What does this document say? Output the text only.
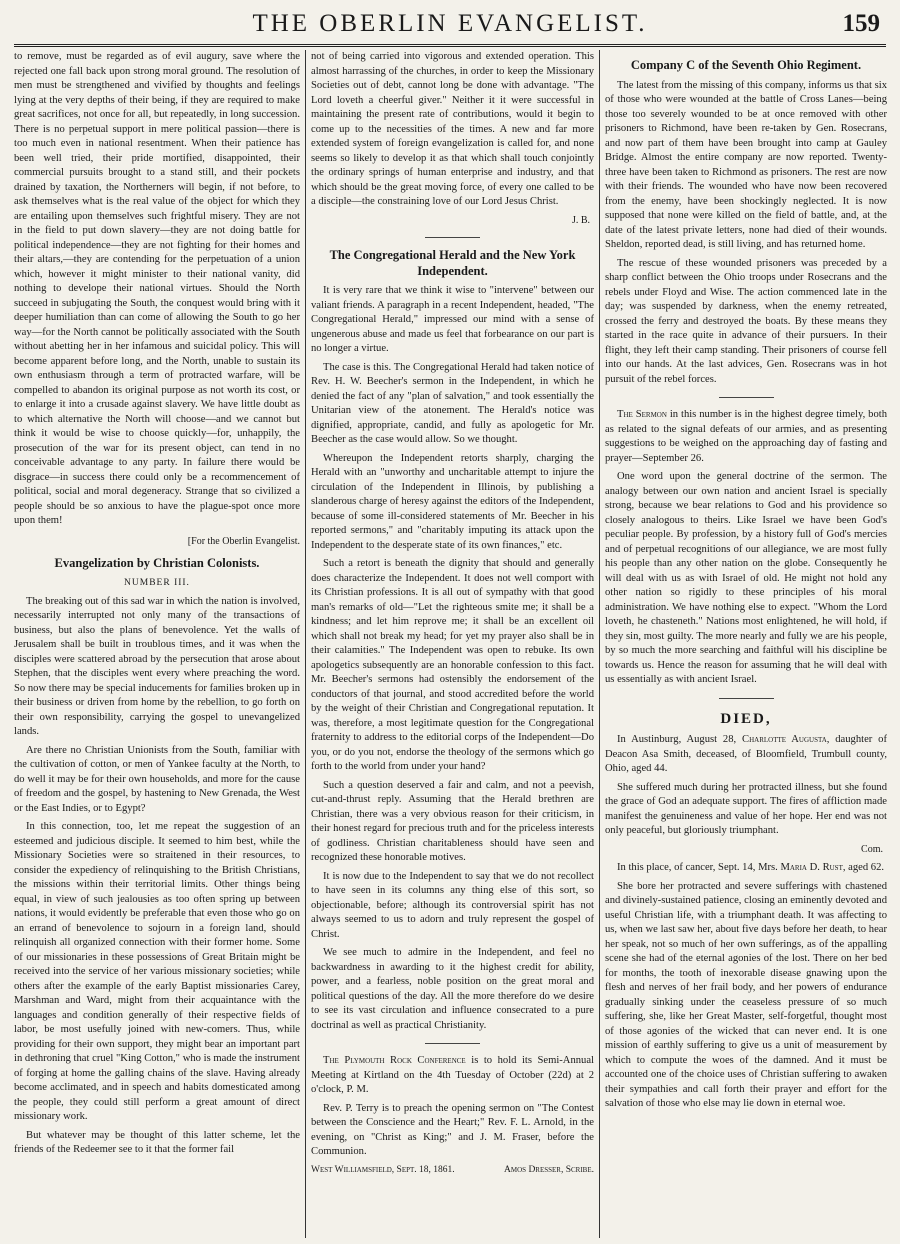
THE OBERLIN EVANGELIST.	159

to remove, must be regarded as of evil augury, save where the rejected one fall back upon strong moral ground. The resolution of men must be strengthened and vivified by thoughts and feelings lying at the very depths of their being, if they are required to make great sacrifices, not once for all, but repeatedly, in long succession. There is no perpetual support in mere political passion—there is too much even in national resentment. When their patience has been well tried, their pride mortified, disappointed, their commercial pursuits brought to a stand still, and their pockets drained by taxation, the Northerners will begin, if not before, to ask themselves what is the real value of the object for which they are entailing upon themselves such frightful misery. They are not in the field to put down slavery—they are not doing battle for political independence—they are not fighting for their homes and their altars,—they are contending for the perpetuation of a union which, however it might minister to their national vanity, did nothing to develope their national virtues. Should the North succeed in subjugating the South, the conquest would bring with it deeper humiliation than can come of allowing the South to go her way—for the North cannot be politically associated with the South without abetting her in her infamous and suicidal policy. This will become apparent before long, and the North, unable to sustain its own enthusiasm through a term of protracted warfare, will be compelled to abandon its original purpose as not worth its cost, or to enlarge it into a crusade against slavery. We have little doubt as to which alternative the North will choose—and we cannot but think it would be wise to choose quickly—for, unhappily, the prosecution of the war for its present object, can tend in no conceivable advantage to any party. In failure there would be disgrace—in success there could only be a recommencement of political, social and moral degeneracy. Strange that so civilized a people should be so anxious to have the plague-spot once more upon them!

[For the Oberlin Evangelist.
Evangelization by Christian Colonists.
NUMBER III.

The breaking out of this sad war in which the nation is involved, necessarily interrupted not only many of the transactions of business, but also the plans of benevolence. Yet the walls of Jerusalem shall be built in troublous times, and it was when the disciples were scattered abroad by the persecution that arose about Stephen, that the disciples went every where preaching the word. So now there may be special inducements for families broken up in their business or driven from home by the rebellion, to go forth on their own responsibility, carrying the gospel to unevangelized lands.

Are there no Christian Unionists from the South, familiar with the cultivation of cotton, or men of Yankee faculty at the North, to do well it may be for their own households, and more for the cause of freedom and the gospel, by hastening to New Grenada, the West or the East Indies, or to Egypt?

In this connection, too, let me repeat the suggestion of an esteemed and judicious disciple. It seemed to him best, while the Missionary Societies were so straitened in their resources, to consider the expediency of relinquishing to the British Christians, the missions within their territorial limits. Other things being equal, in view of such jealousies as too often spring up between nations, it would evidently be preferable that even those who go on an errand of benevolence to sojourn in a foreign land, should relinquish all organized connection with their former home. Some of our missionaries in these possessions of Great Britain might be received into the service of her various missionary societies; while others after the example of the early Baptist missionaries Carey, Marshman and Ward, might from their acquaintance with the languages and condition generally of their respective fields of labor, be most usefully joined with new-comers. Thus, while providing for their own support, they might bear an important part in dethroning that cruel "King Cotton," who is made the instrument of forging at home the galling chains of the slave. Having already become acclimated, and in speech and habits domesticated among the people, they could still perform a great amount of direct missionary work.

But whatever may be thought of this latter scheme, let the friends of the Redeemer see to it that the former fail

not of being carried into vigorous and extended operation. This almost harrassing of the churches, in order to keep the Missionary Societies out of debt, cannot long be done with advantage. "The Lord loveth a cheerful giver." Neither it it were successful in maintaining the present rate of contributions, would it begin to come up to the necessities of the times. A new and far more extended system of foreign evangelization is called for, and none seems so likely to develop it as that which shall touch conjointly the ordinary springs of human enterprise and industry, and that which should be the great moving force, of every one called to be a disciple—the constraining love of our Lord Jesus Christ.

J. B.
The Congregational Herald and the New York Independent.

It is very rare that we think it wise to "intervene" between our valiant friends. A paragraph in a recent Independent, headed, "The Congregational Herald," impressed our mind with a sense of ungenerous abuse and made us feel that forbearance on our part is no longer a virtue.

The case is this. The Congregational Herald had taken notice of Rev. H. W. Beecher's sermon in the Independent, in which he denied the fact of any "plan of salvation," and took essentially the Unitarian view of the atonement. The Herald's notice was dignified, appropriate, candid, and fully as apologetic for Mr. Beecher as the case would allow. So we thought.

Whereupon the Independent retorts sharply, charging the Herald with an "unworthy and uncharitable attempt to injure the circulation of the Independent in Illinois, by publishing a slanderous charge of heresy against the editors of the Independent, because of some ill-considered statements of Mr. Beecher in his reported sermons," and "charitably imputing its attack upon the Independent to the desperate state of its own finances," etc.

Such a retort is beneath the dignity that should and generally does characterize the Independent. It does not well comport with its Christian professions. It is all out of sympathy with that good man's remarks of old—"Let the righteous smite me; it shall be a kindness; and let him reprove me; it shall be an excellent oil which shall not break my head; for yet my prayer also shall be in their calamities." The Independent was open to rebuke. Its own apologetics subsequently are an honorable confession to this fact. Mr. Beecher's sermons had ostensibly the endorsement of the conductors of that journal, and stood accredited before the world by the weight of their Christian and Congregational reputation. It was, therefore, a most legitimate question for the Congregational fraternity to address to the editorial corps of the Independent—Do you, or do you not, endorse the theology of the sermons which go forth to the world from under your hand?

Such a question deserved a fair and calm, and not a peevish, cut-and-thrust reply. Assuming that the Herald brethren are Christian, there was a very obvious reason for their criticism, in their honest regard for precious truth and for the priceless interests of godliness. Christian charitableness should have seen and recognized these honorable motives.

It is now due to the Independent to say that we do not recollect to have seen in its columns any thing else of this sort, so objectionable, before; although its controversial spirit has not always seemed to us to adorn and truly represent the gospel of Christ.

We see much to admire in the Independent, and feel no backwardness in awarding to it the highest credit for ability, power, and a fearless, noble position on the great moral and political questions of the day. All the more therefore do we desire to see its vast circulation and influence consecrated to a pure doctrinal as well as practical Christianity.

The Plymouth Rock Conference is to hold its Semi-Annual Meeting at Kirtland on the 4th Tuesday of October (22d) at 2 o'clock, P. M.

Rev. P. Terry is to preach the opening sermon on "The Contest between the Conscience and the Heart;" Rev. F. L. Arnold, in the evening, on "Christ as King;" and J. M. Fraser, before the Communion.

Amos Dresser, Scribe.
West Williamsfield, Sept. 18, 1861.
Company C of the Seventh Ohio Regiment.

The latest from the missing of this company, informs us that six of those who were wounded at the battle of Cross Lanes—being those too severely wounded to be at once removed with other prisoners to Richmond, have been re-taken by Gen. Rosecrans, and now part of them have been brought into camp at Gauley Bridge. Almost the entire company are now reported. Twenty-three have been taken to Richmond as prisoners. The rest are now with their friends. The wounded who have now been recovered from the enemy, have been shockingly neglected. It is now supposed that none were killed on the field of battle, and, at the date of the latest private letters, none had died of their wounds. Sheldon, reported dead, is still living, and has returned home.

The rescue of these wounded prisoners was preceded by a sharp conflict between the Ohio troops under Rosecrans and the rebels under Floyd and Wise. The action commenced late in the day; was suspended by darkness, when the enemy retreated, crossed the ferry and destroyed the boats. By these means they started in the race quite in advance of their pursuers. In their flight, they left their camp standing. Their prisoners of course fell into our hands. At the last advices, Gen. Rosecrans was in hot pursuit of the rebel forces.

The Sermon in this number is in the highest degree timely, both as related to the signal defeats of our armies, and as presenting suggestions to be weighed on the approaching day of fasting and prayer—September 26.

One word upon the general doctrine of the sermon. The analogy between our own nation and ancient Israel is specially strong, because we bear relations to God and his providence so closely analogous to theirs. Like Israel we have been God's peculiar people. By profession, by a history full of God's mercies and of perpetual recognitions of our allegiance, we are most fully his people than any other nation on the globe. Consequently he will deal with us as with Israel of old. He might not hold any other nation so rigidly to these principles of his moral administration. We have nothing else to expect. "Whom the Lord loveth, he chasteneth." Nations most enlightened, he will hold, if they sin, most guilty. The more nearly and fully we are his people, by so much the more searching and faithful will his discipline be towards us. Hence the reason for assuming that he will deal with us essentially as with ancient Israel.

DIED,

In Austinburg, August 28, Charlotte Augusta, daughter of Deacon Asa Smith, deceased, of Bloomfield, Trumbull county, Ohio, aged 44.

She suffered much during her protracted illness, but she found the grace of God an adequate support. The fires of affliction made manifest the genuineness and value of her hope. Her end was not only peaceful, but gloriously triumphant.

Com.

In this place, of cancer, Sept. 14, Mrs. Maria D. Rust, aged 62.

She bore her protracted and severe sufferings with chastened and divinely-sustained patience, closing an eminently devoted and useful Christian life, with a triumphant death. It was affecting to us, when we last saw her, about five days before her death, to hear her speak, not so much of her own sufferings, as of the appalling scene she had of the eternal agonies of the lost. There on her bed for months, the tooth of inexorable disease gnawing upon the flesh and nerves of her frail body, and her powers of endurance gradually sinking under the ceaseless pressure of so much suffering, she, like her Great Master, self-forgetful, thought most of those agonies of the wicked that can never end. It is one mission of earthly suffering to give us a unit of measurement by which to compute the woes of the damned. And it must be accounted one of the choice uses of Christian suffering to awaken their sympathies and call forth their prayer and effort for the salvation of those who else may lie down in eternal woe.
